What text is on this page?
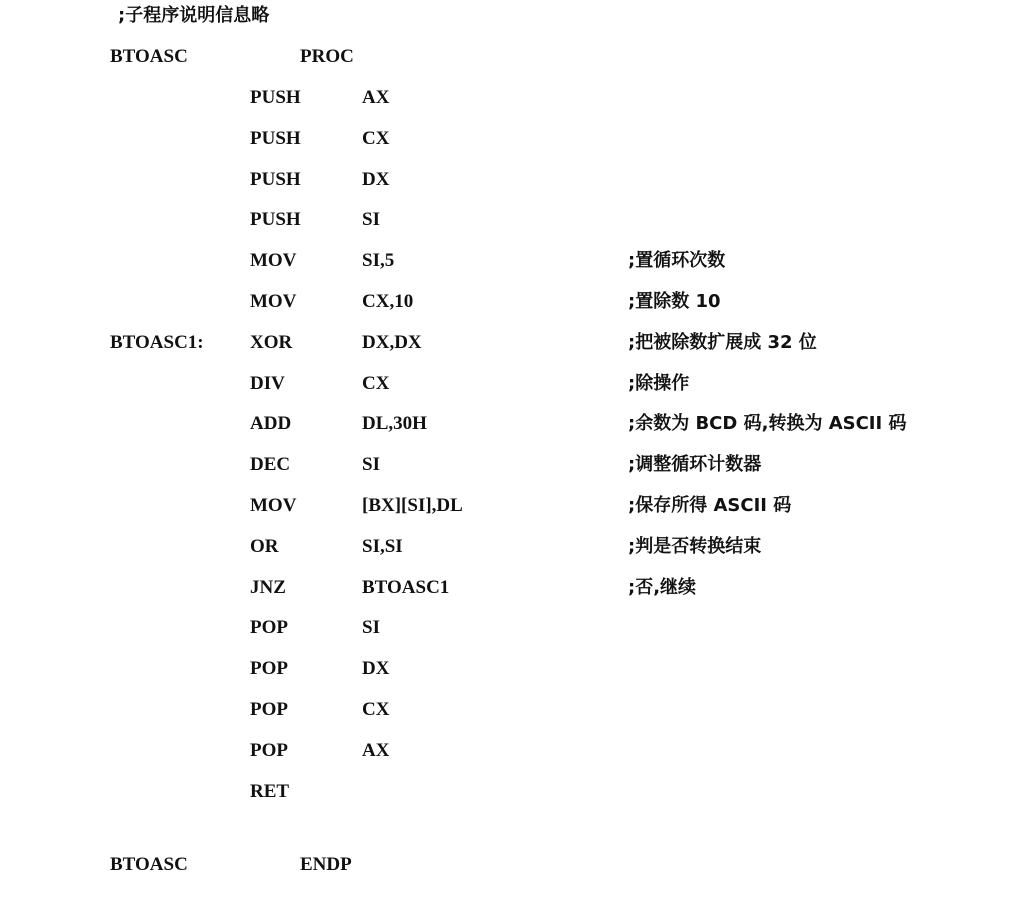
;子程序说明信息略
BTOASC	PROC
PUSH	AX
PUSH	CX
PUSH	DX
PUSH	SI
MOV	SI,5	;置循环次数
MOV	CX,10	;置除数 10
BTOASC1: XOR	DX,DX	;把被除数扩展成 32 位
DIV	CX	;除操作
ADD	DL,30H	;余数为 BCD 码,转换为 ASCII 码
DEC	SI	;调整循环计数器
MOV	[BX][SI],DL	;保存所得 ASCII 码
OR	SI,SI	;判是否转换结束
JNZ	BTOASC1	;否,继续
POP	SI
POP	DX
POP	CX
POP	AX
RET
BTOASC	ENDP
